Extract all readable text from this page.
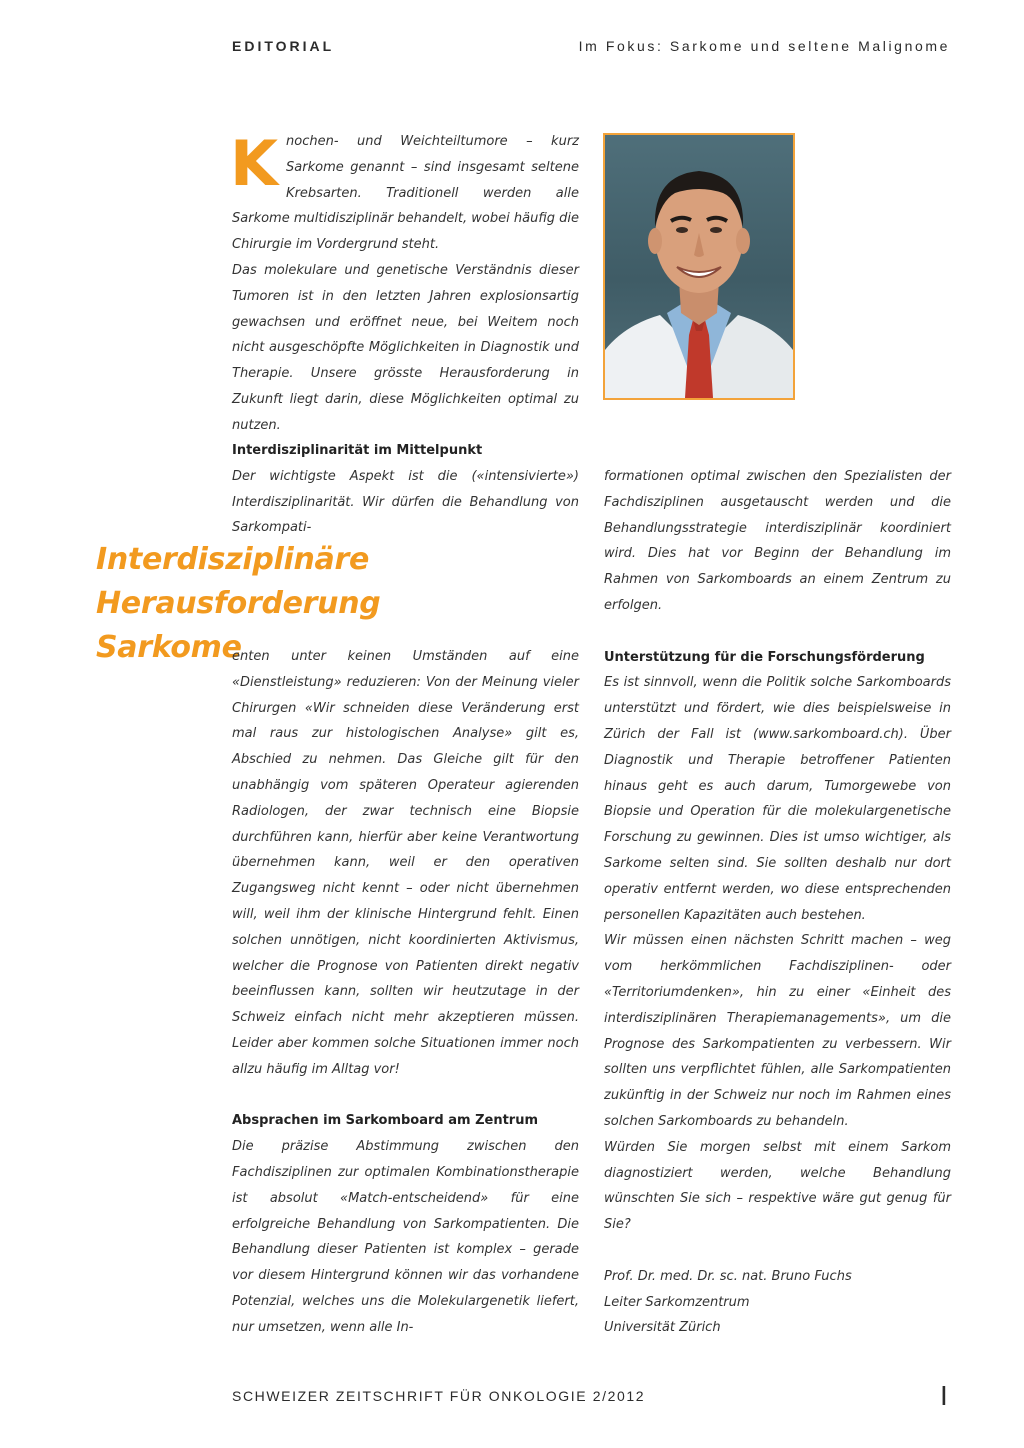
EDITORIAL	Im Fokus: Sarkome und seltene Malignome
K nochen- und Weichteiltumore – kurz Sarkome genannt – sind insgesamt seltene Krebsarten. Traditionell werden alle Sarkome multidisziplinär behandelt, wobei häufig die Chirurgie im Vordergrund steht.

Das molekulare und genetische Verständnis dieser Tumoren ist in den letzten Jahren explosionsartig gewachsen und eröffnet neue, bei Weitem noch nicht ausgeschöpfte Möglichkeiten in Diagnostik und Therapie. Unsere grösste Herausforderung in Zukunft liegt darin, diese Möglichkeiten optimal zu nutzen.

Interdisziplinarität im Mittelpunkt

Der wichtigste Aspekt ist die («intensivierte») Interdisziplinarität. Wir dürfen die Behandlung von Sarkompati-

Interdisziplinäre Herausforderung
Sarkome

enten unter keinen Umständen auf eine «Dienstleistung» reduzieren: Von der Meinung vieler Chirurgen «Wir schneiden diese Veränderung erst mal raus zur histologischen Analyse» gilt es, Abschied zu nehmen. Das Gleiche gilt für den unabhängig vom späteren Operateur agierenden Radiologen, der zwar technisch eine Biopsie durchführen kann, hierfür aber keine Verantwortung übernehmen kann, weil er den operativen Zugangsweg nicht kennt – oder nicht übernehmen will, weil ihm der klinische Hintergrund fehlt. Einen solchen unnötigen, nicht koordinierten Aktivismus, welcher die Prognose von Patienten direkt negativ beeinflussen kann, sollten wir heutzutage in der Schweiz einfach nicht mehr akzeptieren müssen. Leider aber kommen solche Situationen immer noch allzu häufig im Alltag vor!

Absprachen im Sarkomboard am Zentrum

Die präzise Abstimmung zwischen den Fachdisziplinen zur optimalen Kombinationstherapie ist absolut «Match-entscheidend» für eine erfolgreiche Behandlung von Sarkompatienten. Die Behandlung dieser Patienten ist komplex – gerade vor diesem Hintergrund können wir das vorhandene Potenzial, welches uns die Molekulargenetik liefert, nur umsetzen, wenn alle In-

formationen optimal zwischen den Spezialisten der Fachdisziplinen ausgetauscht werden und die Behandlungsstrategie interdisziplinär koordiniert wird. Dies hat vor Beginn der Behandlung im Rahmen von Sarkomboards an einem Zentrum zu erfolgen.

Unterstützung für die Forschungsförderung

Es ist sinnvoll, wenn die Politik solche Sarkomboards unterstützt und fördert, wie dies beispielsweise in Zürich der Fall ist (www.sarkomboard.ch). Über Diagnostik und Therapie betroffener Patienten hinaus geht es auch darum, Tumorgewebe von Biopsie und Operation für die molekulargenetische Forschung zu gewinnen. Dies ist umso wichtiger, als Sarkome selten sind. Sie sollten deshalb nur dort operativ entfernt werden, wo diese entsprechenden personellen Kapazitäten auch bestehen.

Wir müssen einen nächsten Schritt machen – weg vom herkömmlichen Fachdisziplinen- oder «Territoriumdenken», hin zu einer «Einheit des interdisziplinären Therapiemanagements», um die Prognose des Sarkompatienten zu verbessern. Wir sollten uns verpflichtet fühlen, alle Sarkompatienten zukünftig in der Schweiz nur noch im Rahmen eines solchen Sarkomboards zu behandeln.

Würden Sie morgen selbst mit einem Sarkom diagnostiziert werden, welche Behandlung wünschten Sie sich – respektive wäre gut genug für Sie?

Prof. Dr. med. Dr. sc. nat. Bruno Fuchs

Leiter Sarkomzentrum

Universität Zürich

SCHWEIZER ZEITSCHRIFT FÜR ONKOLOGIE 2/2012	I
